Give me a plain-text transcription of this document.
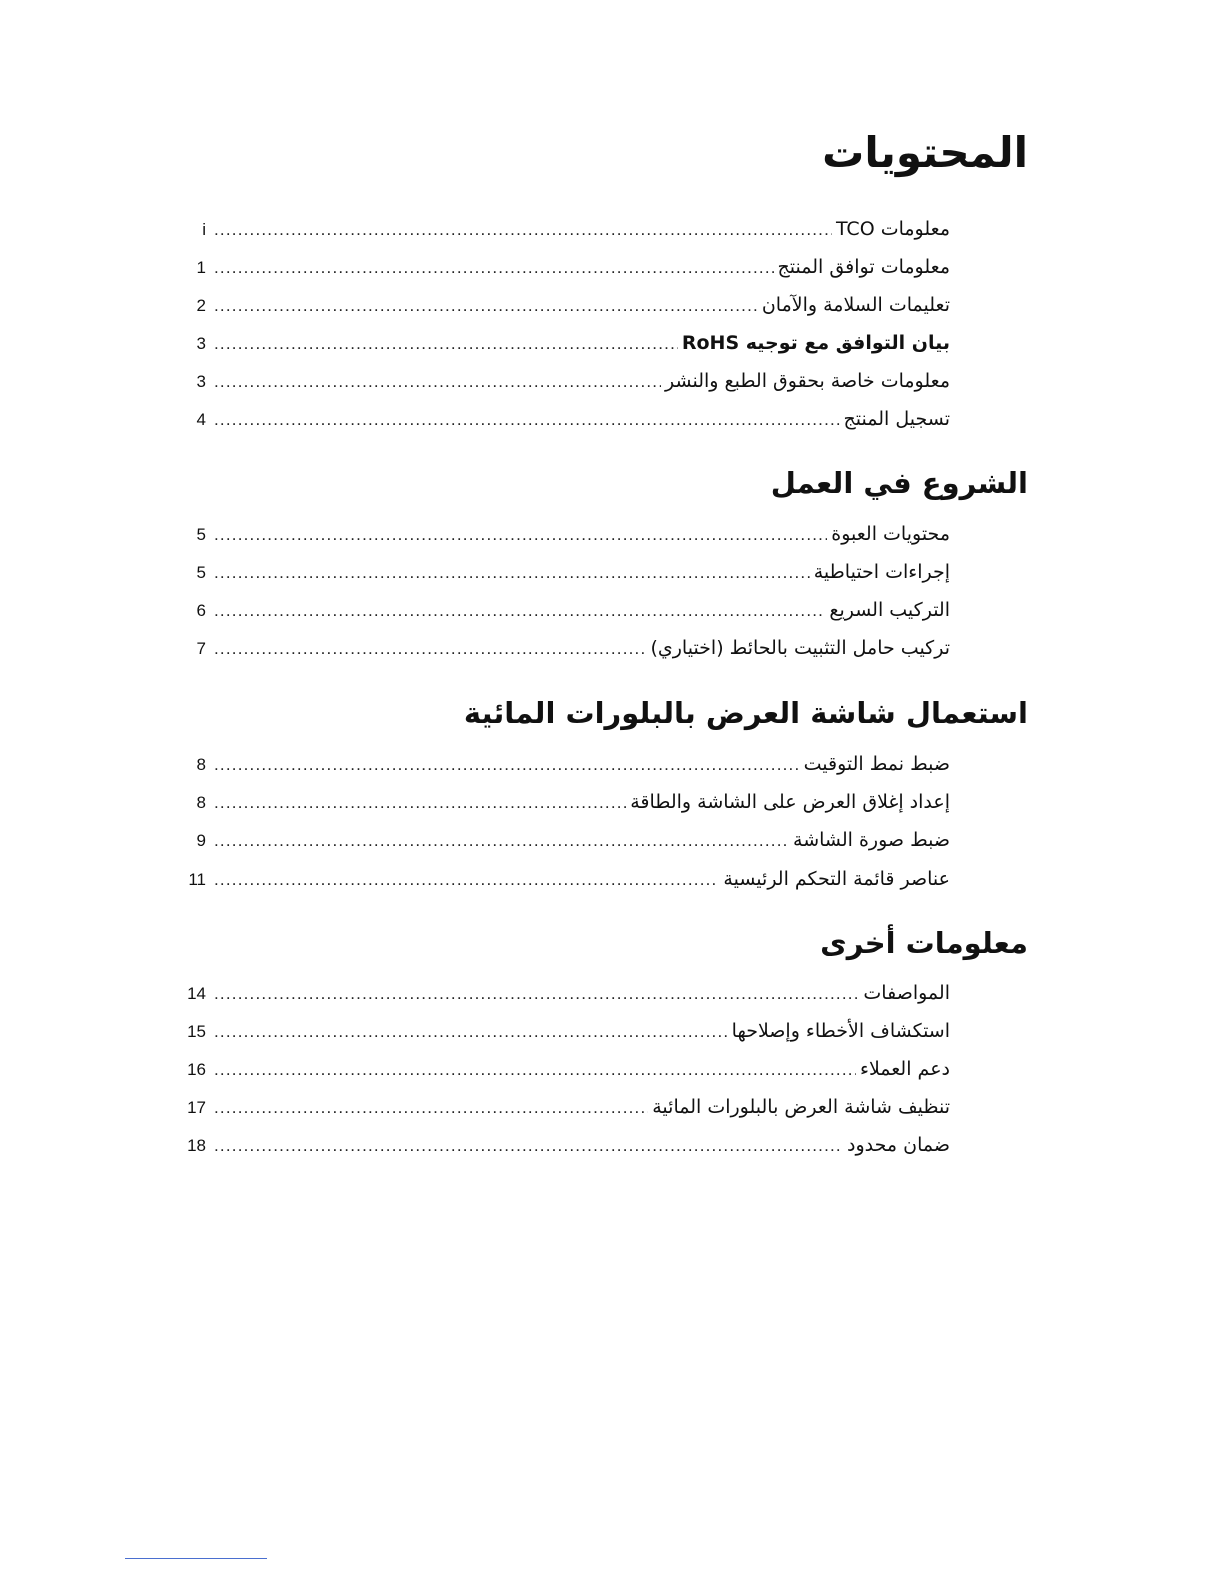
المحتويات
i .....	معلومات TCO
1 .....	معلومات توافق المنتج
2 .....	تعليمات السلامة والآمان
3 .....	بيان التوافق مع توجيه RoHS
3 .....	معلومات خاصة بحقوق الطبع والنشر
4 .....	تسجيل المنتج
الشروع في العمل
5 .....	محتويات العبوة
5 .....	إجراءات احتياطية
6 .....	التركيب السريع
7 .....	تركيب حامل التثبيت بالحائط (اختياري)
استعمال شاشة العرض بالبلورات المائية
8 .....	ضبط نمط التوقيت
8 .....	إعداد إغلاق العرض على الشاشة والطاقة
9 .....	ضبط صورة الشاشة
11 .....	عناصر قائمة التحكم الرئيسية
معلومات أخرى
14 .....	المواصفات
15 .....	استكشاف الأخطاء وإصلاحها
16 .....	دعم العملاء
17 .....	تنظيف شاشة العرض بالبلورات المائية
18 .....	ضمان محدود
